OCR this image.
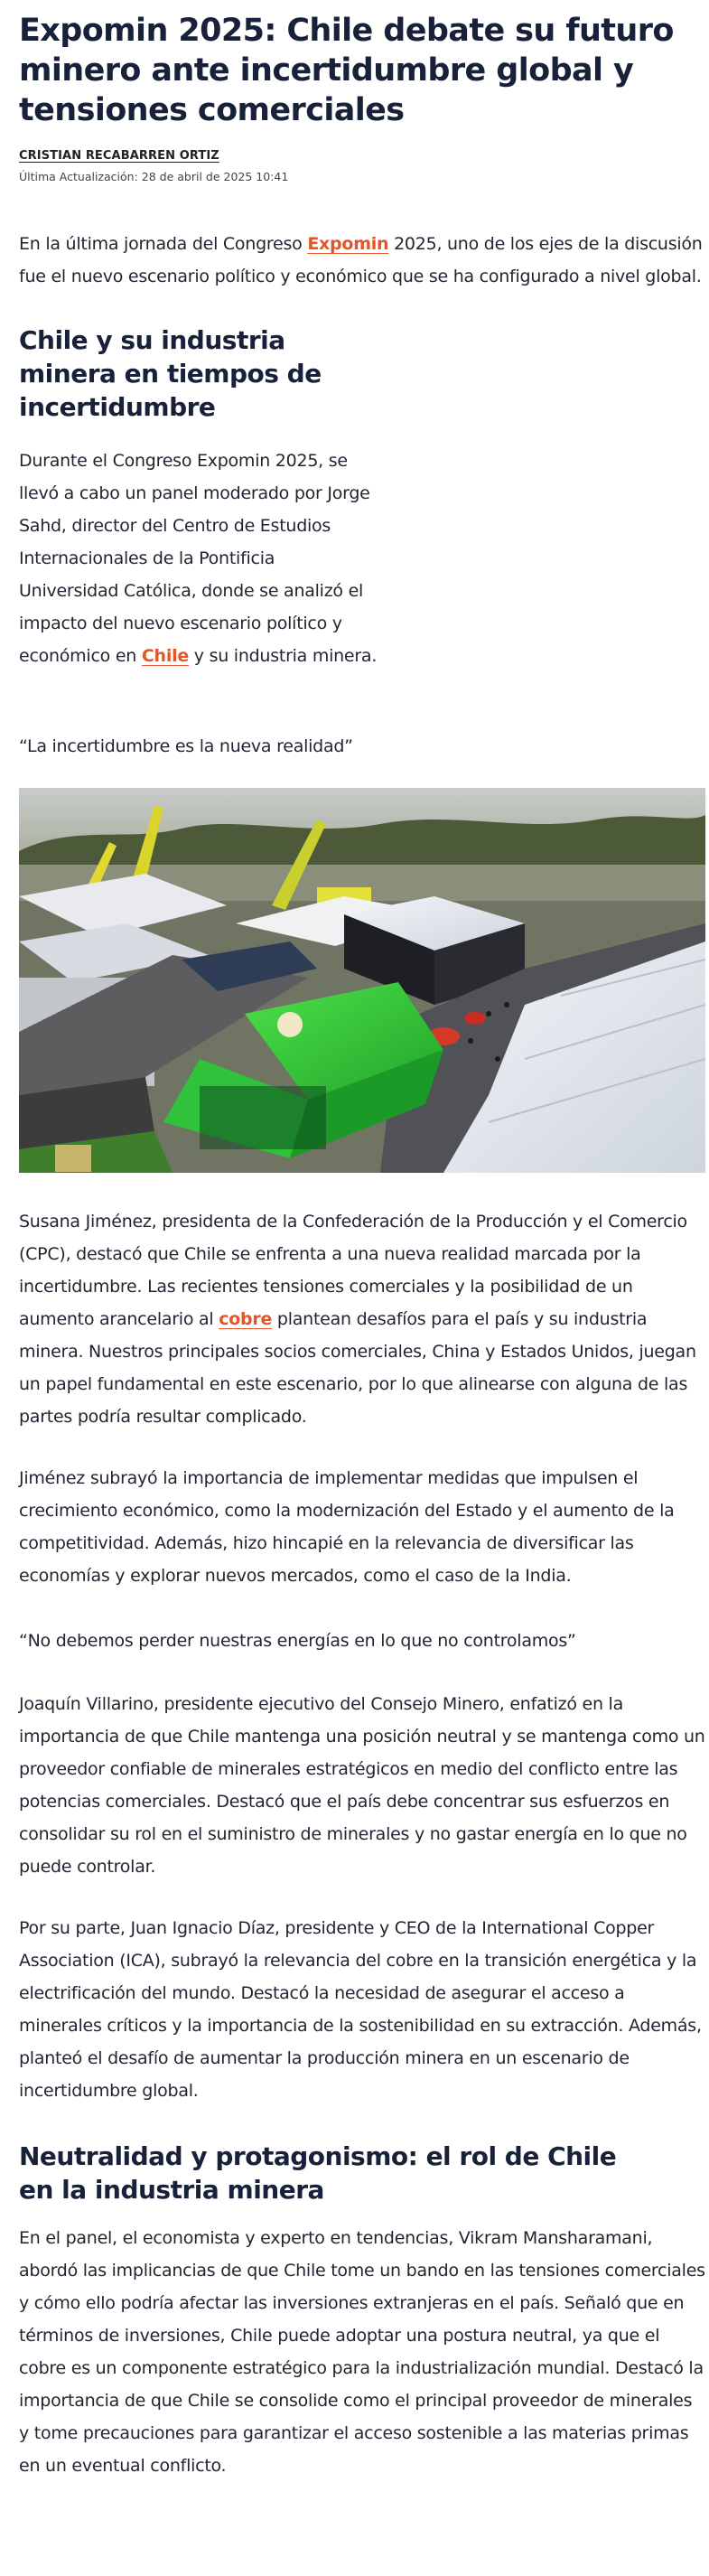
Expomin 2025: Chile debate su futuro minero ante incertidumbre global y tensiones comerciales
CRISTIAN RECABARREN ORTIZ
Última Actualización: 28 de abril de 2025 10:41

En la última jornada del Congreso Expomin 2025, uno de los ejes de la discusión fue el nuevo escenario político y económico que se ha configurado a nivel global.

Chile y su industria minera en tiempos de incertidumbre

Durante el Congreso Expomin 2025, se llevó a cabo un panel moderado por Jorge Sahd, director del Centro de Estudios Internacionales de la Pontificia Universidad Católica, donde se analizó el impacto del nuevo escenario político y económico en Chile y su industria minera.

“La incertidumbre es la nueva realidad”

Susana Jiménez, presidenta de la Confederación de la Producción y el Comercio (CPC), destacó que Chile se enfrenta a una nueva realidad marcada por la incertidumbre. Las recientes tensiones comerciales y la posibilidad de un aumento arancelario al cobre plantean desafíos para el país y su industria minera. Nuestros principales socios comerciales, China y Estados Unidos, juegan un papel fundamental en este escenario, por lo que alinearse con alguna de las partes podría resultar complicado.

Jiménez subrayó la importancia de implementar medidas que impulsen el crecimiento económico, como la modernización del Estado y el aumento de la competitividad. Además, hizo hincapié en la relevancia de diversificar las economías y explorar nuevos mercados, como el caso de la India.

“No debemos perder nuestras energías en lo que no controlamos”

Joaquín Villarino, presidente ejecutivo del Consejo Minero, enfatizó en la importancia de que Chile mantenga una posición neutral y se mantenga como un proveedor confiable de minerales estratégicos en medio del conflicto entre las potencias comerciales. Destacó que el país debe concentrar sus esfuerzos en consolidar su rol en el suministro de minerales y no gastar energía en lo que no puede controlar.

Por su parte, Juan Ignacio Díaz, presidente y CEO de la International Copper Association (ICA), subrayó la relevancia del cobre en la transición energética y la electrificación del mundo. Destacó la necesidad de asegurar el acceso a minerales críticos y la importancia de la sostenibilidad en su extracción. Además, planteó el desafío de aumentar la producción minera en un escenario de incertidumbre global.

Neutralidad y protagonismo: el rol de Chile en la industria minera

En el panel, el economista y experto en tendencias, Vikram Mansharamani, abordó las implicancias de que Chile tome un bando en las tensiones comerciales y cómo ello podría afectar las inversiones extranjeras en el país. Señaló que en términos de inversiones, Chile puede adoptar una postura neutral, ya que el cobre es un componente estratégico para la industrialización mundial. Destacó la importancia de que Chile se consolide como el principal proveedor de minerales y tome precauciones para garantizar el acceso sostenible a las materias primas en un eventual conflicto.
